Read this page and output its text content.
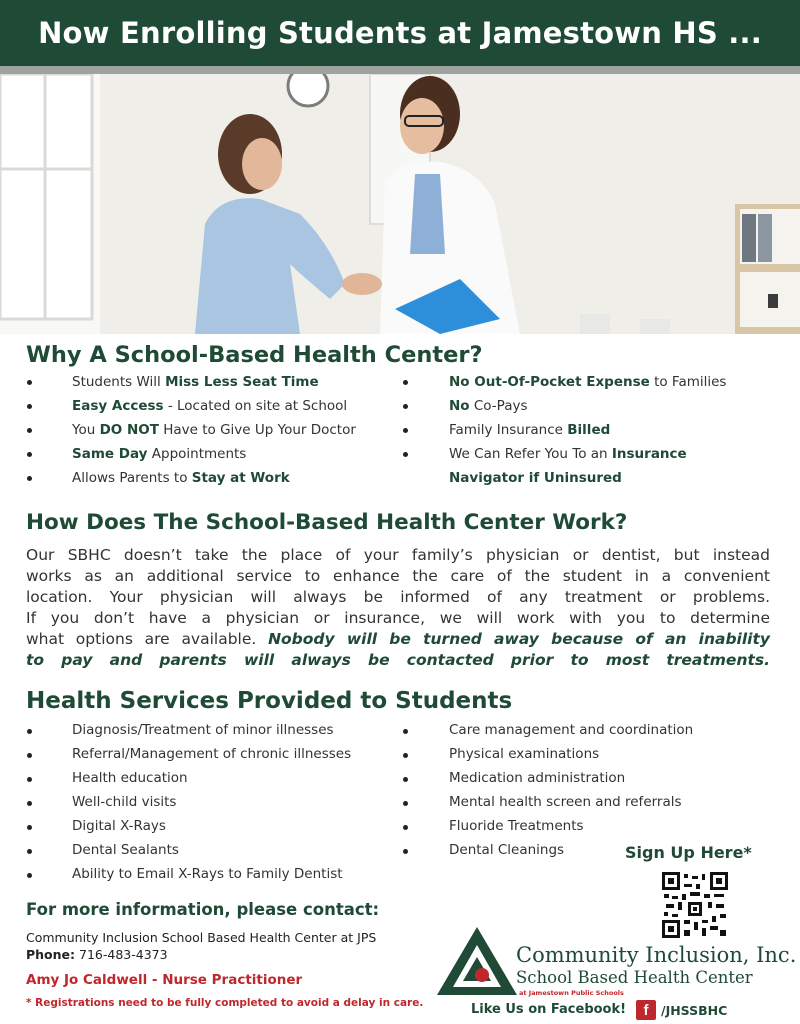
Now Enrolling Students at Jamestown HS ...
Why A School-Based Health Center?
Students Will Miss Less Seat Time
Easy Access - Located on site at School
You DO NOT Have to Give Up Your Doctor
Same Day Appointments
Allows Parents to Stay at Work
No Out-Of-Pocket Expense to Families
No Co-Pays
Family Insurance Billed
We Can Refer You To an Insurance
Navigator if Uninsured
How Does The School-Based Health Center Work?
Our SBHC doesn’t take the place of your family’s physician or dentist, but instead
works as an additional service to enhance the care of the student in a convenient
location. Your physician will always be informed of any treatment or problems.
If you don’t have a physician or insurance, we will work with you to determine
what options are available. Nobody will be turned away because of an inability
to pay and parents will always be contacted prior to most treatments.
Health Services Provided to Students
Diagnosis/Treatment of minor illnesses
Referral/Management of chronic illnesses
Health education
Well-child visits
Digital X-Rays
Dental Sealants
Ability to Email X-Rays to Family Dentist
Care management and coordination
Physical examinations
Medication administration
Mental health screen and referrals
Fluoride Treatments
Dental Cleanings	Sign Up Here*
For more information, please contact:
Community Inclusion School Based Health Center at JPS
Phone: 716-483-4373
Amy Jo Caldwell - Nurse Practitioner
* Registrations need to be fully completed to avoid a delay in care.
Community Inclusion, Inc.
School Based Health Center
at Jamestown Public Schools
Like Us on Facebook!	f	/JHSSBHC
